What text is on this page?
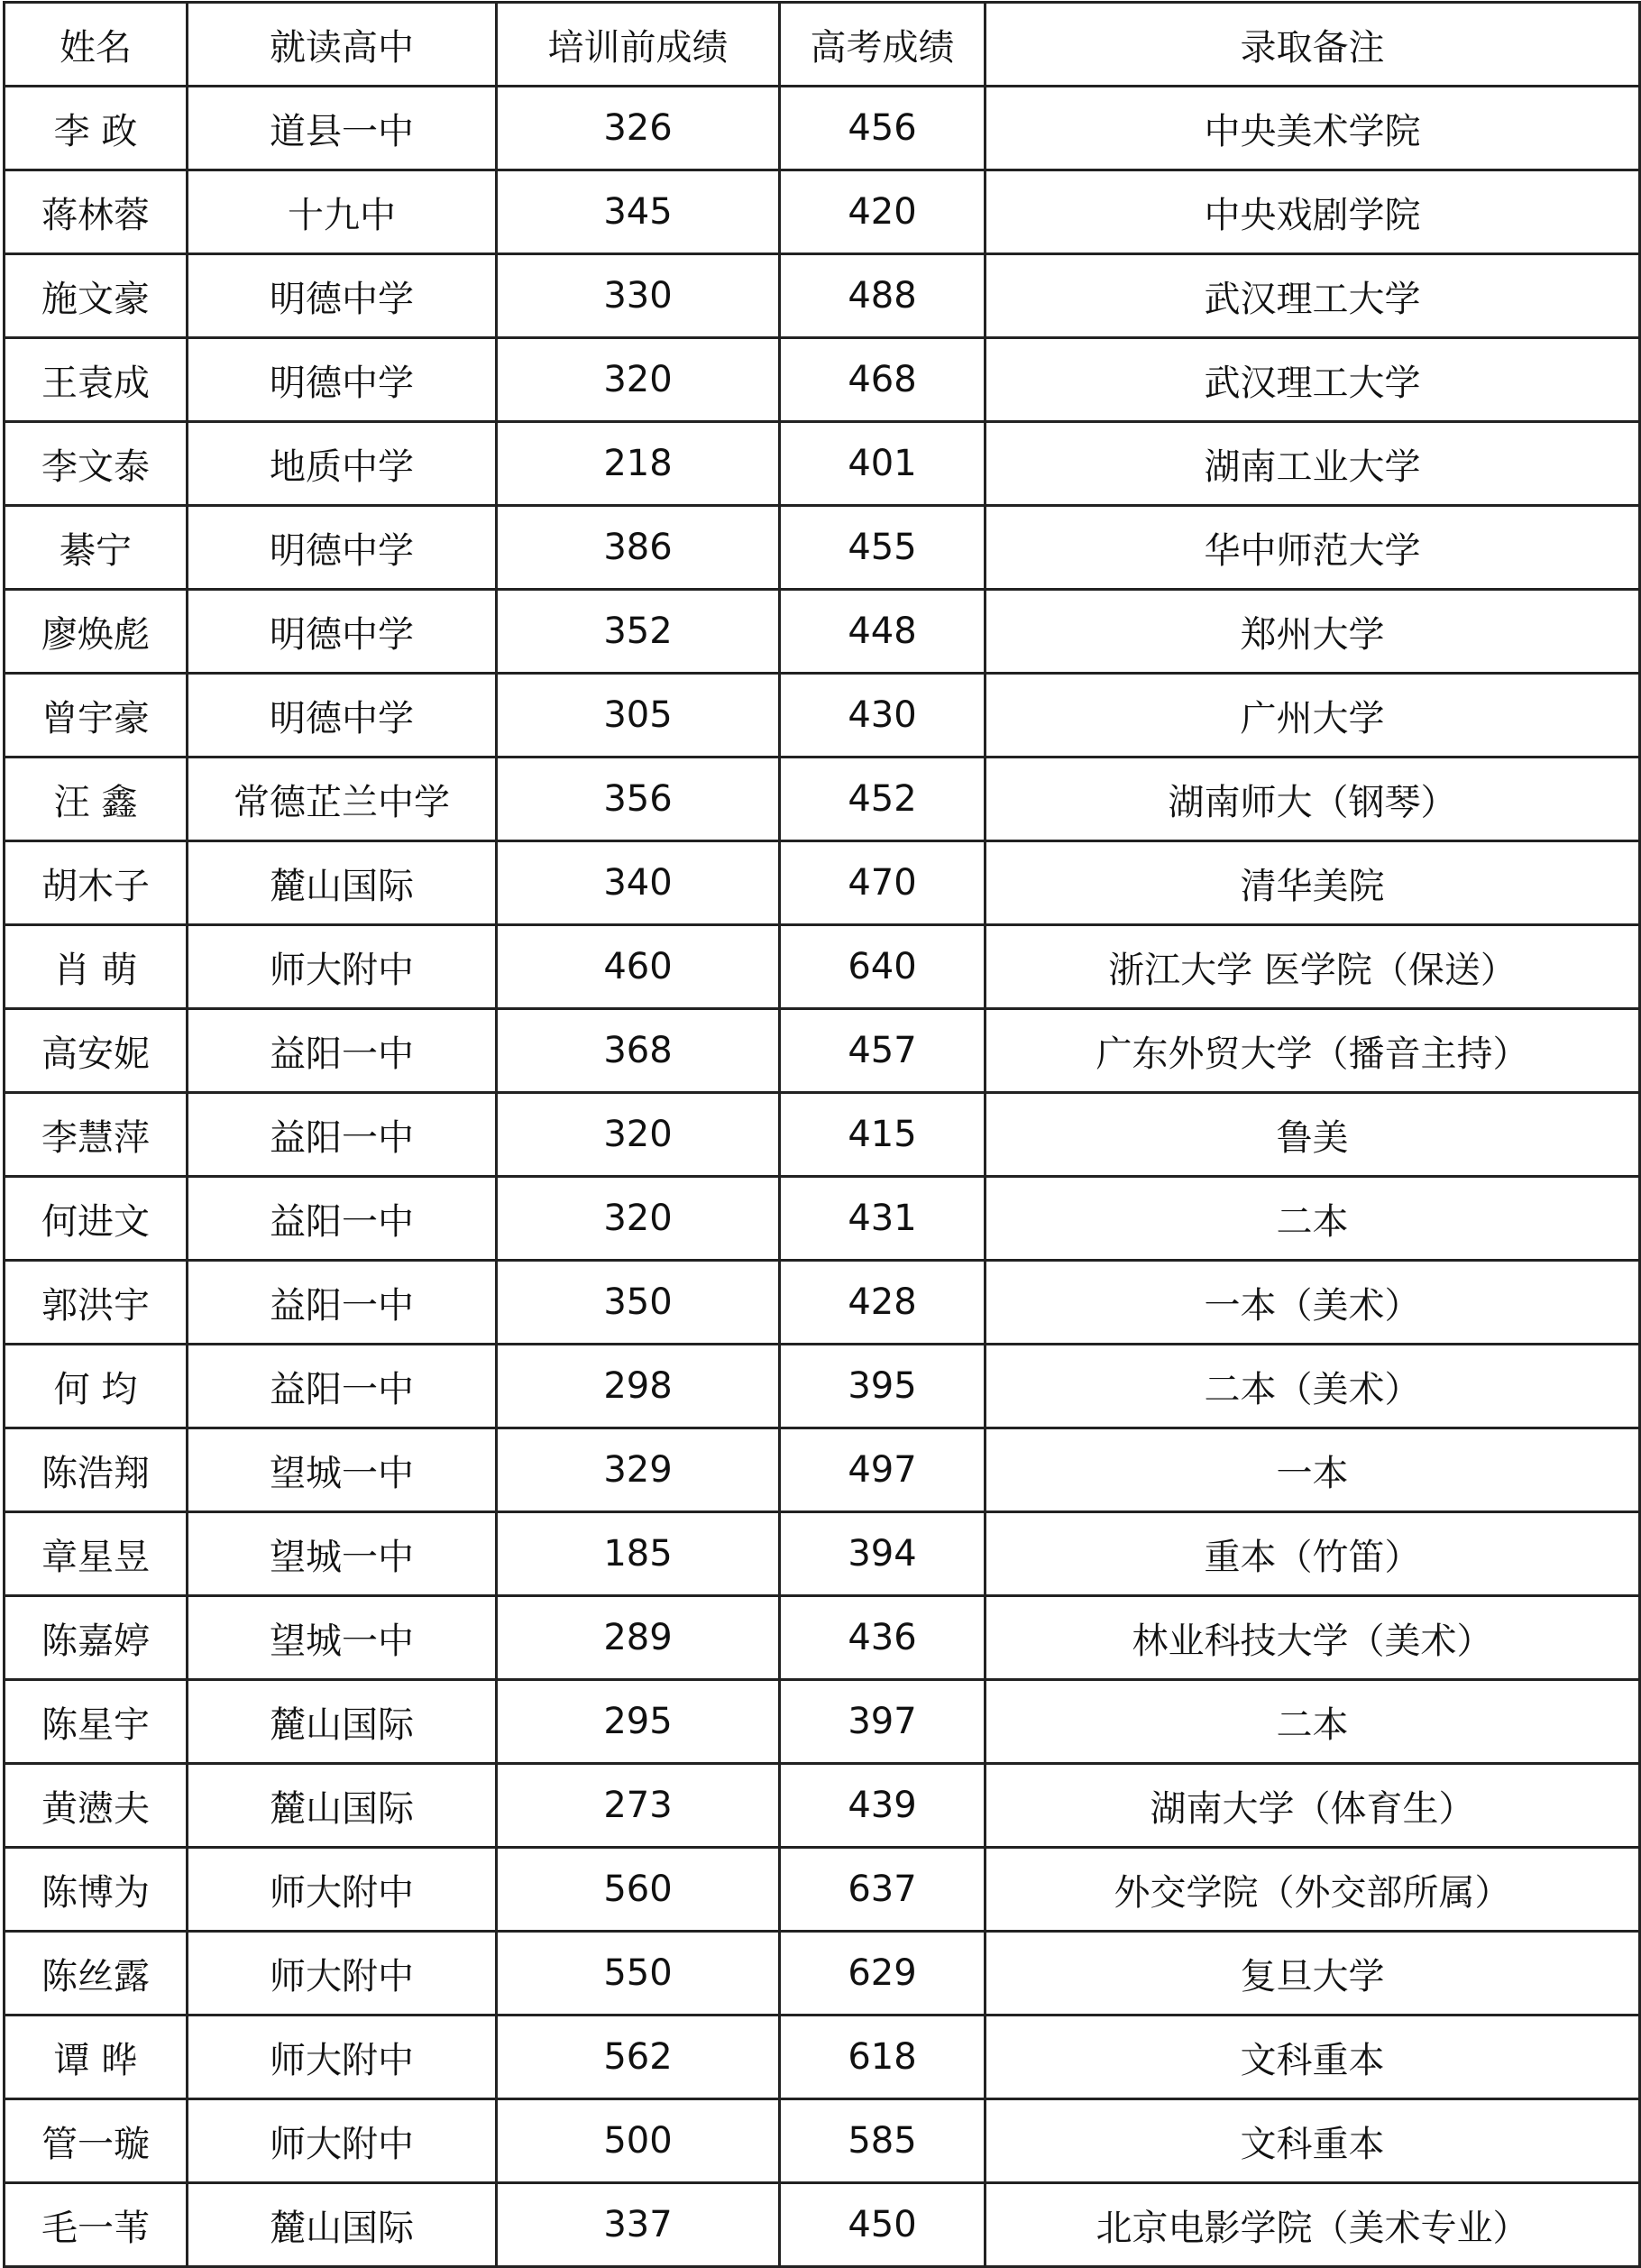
姓名	就读高中	培训前成绩	高考成绩	录取备注
李 政	道县一中	326	456	中央美术学院
蒋林蓉	十九中	345	420	中央戏剧学院
施文豪	明德中学	330	488	武汉理工大学
王袁成	明德中学	320	468	武汉理工大学
李文泰	地质中学	218	401	湖南工业大学
綦宁	明德中学	386	455	华中师范大学
廖焕彪	明德中学	352	448	郑州大学
曾宇豪	明德中学	305	430	广州大学
汪 鑫	常德芷兰中学	356	452	湖南师大（钢琴）
胡木子	麓山国际	340	470	清华美院
肖 萌	师大附中	460	640	浙江大学 医学院（保送）
高安妮	益阳一中	368	457	广东外贸大学（播音主持）
李慧萍	益阳一中	320	415	鲁美
何进文	益阳一中	320	431	二本
郭洪宇	益阳一中	350	428	一本（美术）
何 均	益阳一中	298	395	二本（美术）
陈浩翔	望城一中	329	497	一本
章星昱	望城一中	185	394	重本（竹笛）
陈嘉婷	望城一中	289	436	林业科技大学（美术）
陈星宇	麓山国际	295	397	二本
黄懑夫	麓山国际	273	439	湖南大学（体育生）
陈博为	师大附中	560	637	外交学院（外交部所属）
陈丝露	师大附中	550	629	复旦大学
谭 晔	师大附中	562	618	文科重本
管一璇	师大附中	500	585	文科重本
毛一苇	麓山国际	337	450	北京电影学院（美术专业）
